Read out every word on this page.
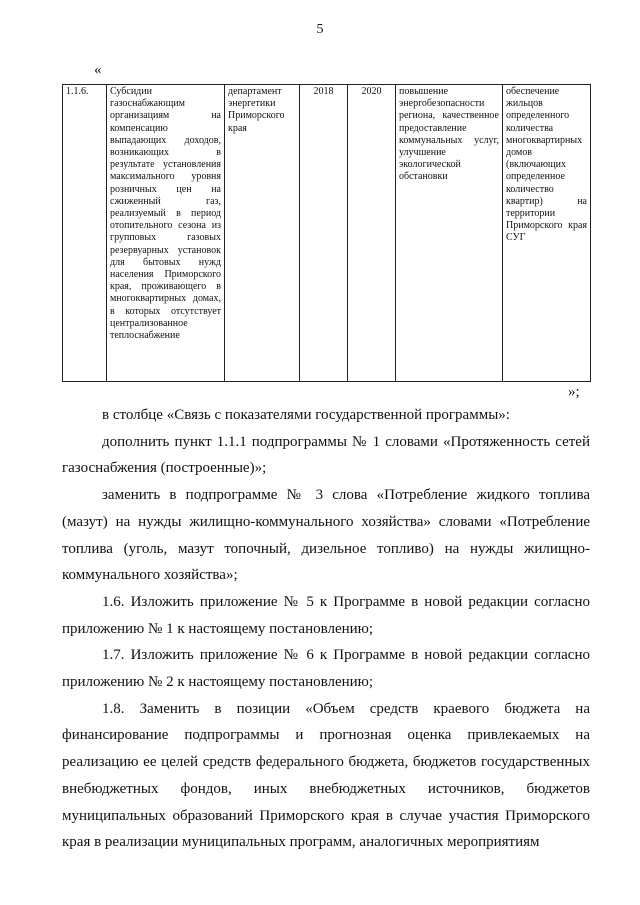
5
«
1.1.6.	Субсидии газоснабжающим организациям на компенсацию выпадающих доходов, возникающих в результате установления максимального уровня розничных цен на сжиженный газ, реализуемый в период отопительного сезона из групповых газовых резервуарных установок для бытовых нужд населения Приморского края, проживающего в многоквартирных домах, в которых отсутствует централизованное теплоснабжение	департамент энергетики Приморского края	2018	2020	повышение энергобезопасности региона, качественное предоставление коммунальных услуг, улучшение экологической обстановки	обеспечение жильцов определенного количества многоквартирных домов (включающих определенное количество квартир) на территории Приморского края СУГ
»;

в столбце «Связь с показателями государственной программы»:

дополнить пункт 1.1.1 подпрограммы № 1 словами «Протяженность сетей газоснабжения (построенные)»;

заменить в подпрограмме № 3 слова «Потребление жидкого топлива (мазут) на нужды жилищно-коммунального хозяйства» словами «Потребление топлива (уголь, мазут топочный, дизельное топливо) на нужды жилищно-коммунального хозяйства»;

1.6. Изложить приложение № 5 к Программе в новой редакции согласно приложению № 1 к настоящему постановлению;

1.7. Изложить приложение № 6 к Программе в новой редакции согласно приложению № 2 к настоящему постановлению;

1.8. Заменить в позиции «Объем средств краевого бюджета на финансирование подпрограммы и прогнозная оценка привлекаемых на реализацию ее целей средств федерального бюджета, бюджетов государственных внебюджетных фондов, иных внебюджетных источников, бюджетов муниципальных образований Приморского края в случае участия Приморского края в реализации муниципальных программ, аналогичных мероприятиям
